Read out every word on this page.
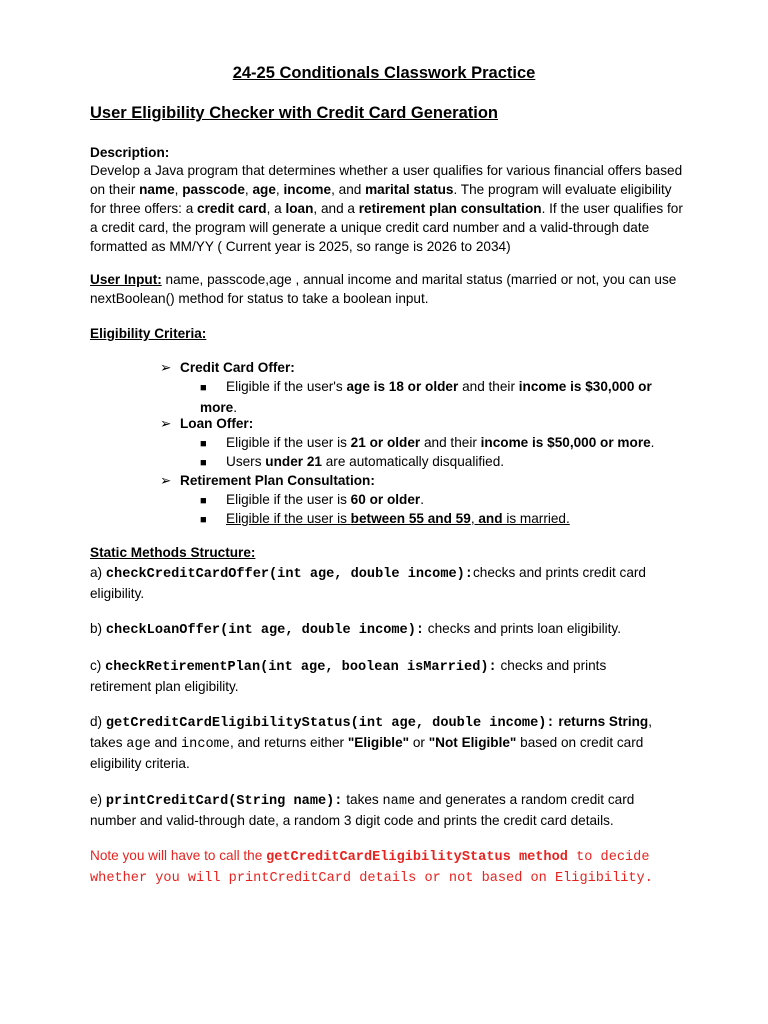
24-25 Conditionals Classwork Practice
User Eligibility Checker with Credit Card Generation
Description:
Develop a Java program that determines whether a user qualifies for various financial offers based on their name, passcode, age, income, and marital status. The program will evaluate eligibility for three offers: a credit card, a loan, and a retirement plan consultation. If the user qualifies for a credit card, the program will generate a unique credit card number and a valid-through date formatted as MM/YY ( Current year is 2025, so range is 2026 to 2034)
User Input: name, passcode,age , annual income and marital status (married or not, you can use nextBoolean() method for status to take a boolean input.
Eligibility Criteria:
➢ Credit Card Offer:
■ Eligible if the user's age is 18 or older and their income is $30,000 or more.
➢ Loan Offer:
■ Eligible if the user is 21 or older and their income is $50,000 or more.
■ Users under 21 are automatically disqualified.
➢ Retirement Plan Consultation:
■ Eligible if the user is 60 or older.
■ Eligible if the user is between 55 and 59, and is married.
Static Methods Structure:
a) checkCreditCardOffer(int age, double income):checks and prints credit card eligibility.
b) checkLoanOffer(int age, double income): checks and prints loan eligibility.
c) checkRetirementPlan(int age, boolean isMarried): checks and prints retirement plan eligibility.
d) getCreditCardEligibilityStatus(int age, double income): returns String, takes age and income, and returns either "Eligible" or "Not Eligible" based on credit card eligibility criteria.
e) printCreditCard(String name): takes name and generates a random credit card number and valid-through date, a random 3 digit code and prints the credit card details.
Note you will have to call the getCreditCardEligibilityStatus method to decide whether you will printCreditCard details or not based on Eligibility.
